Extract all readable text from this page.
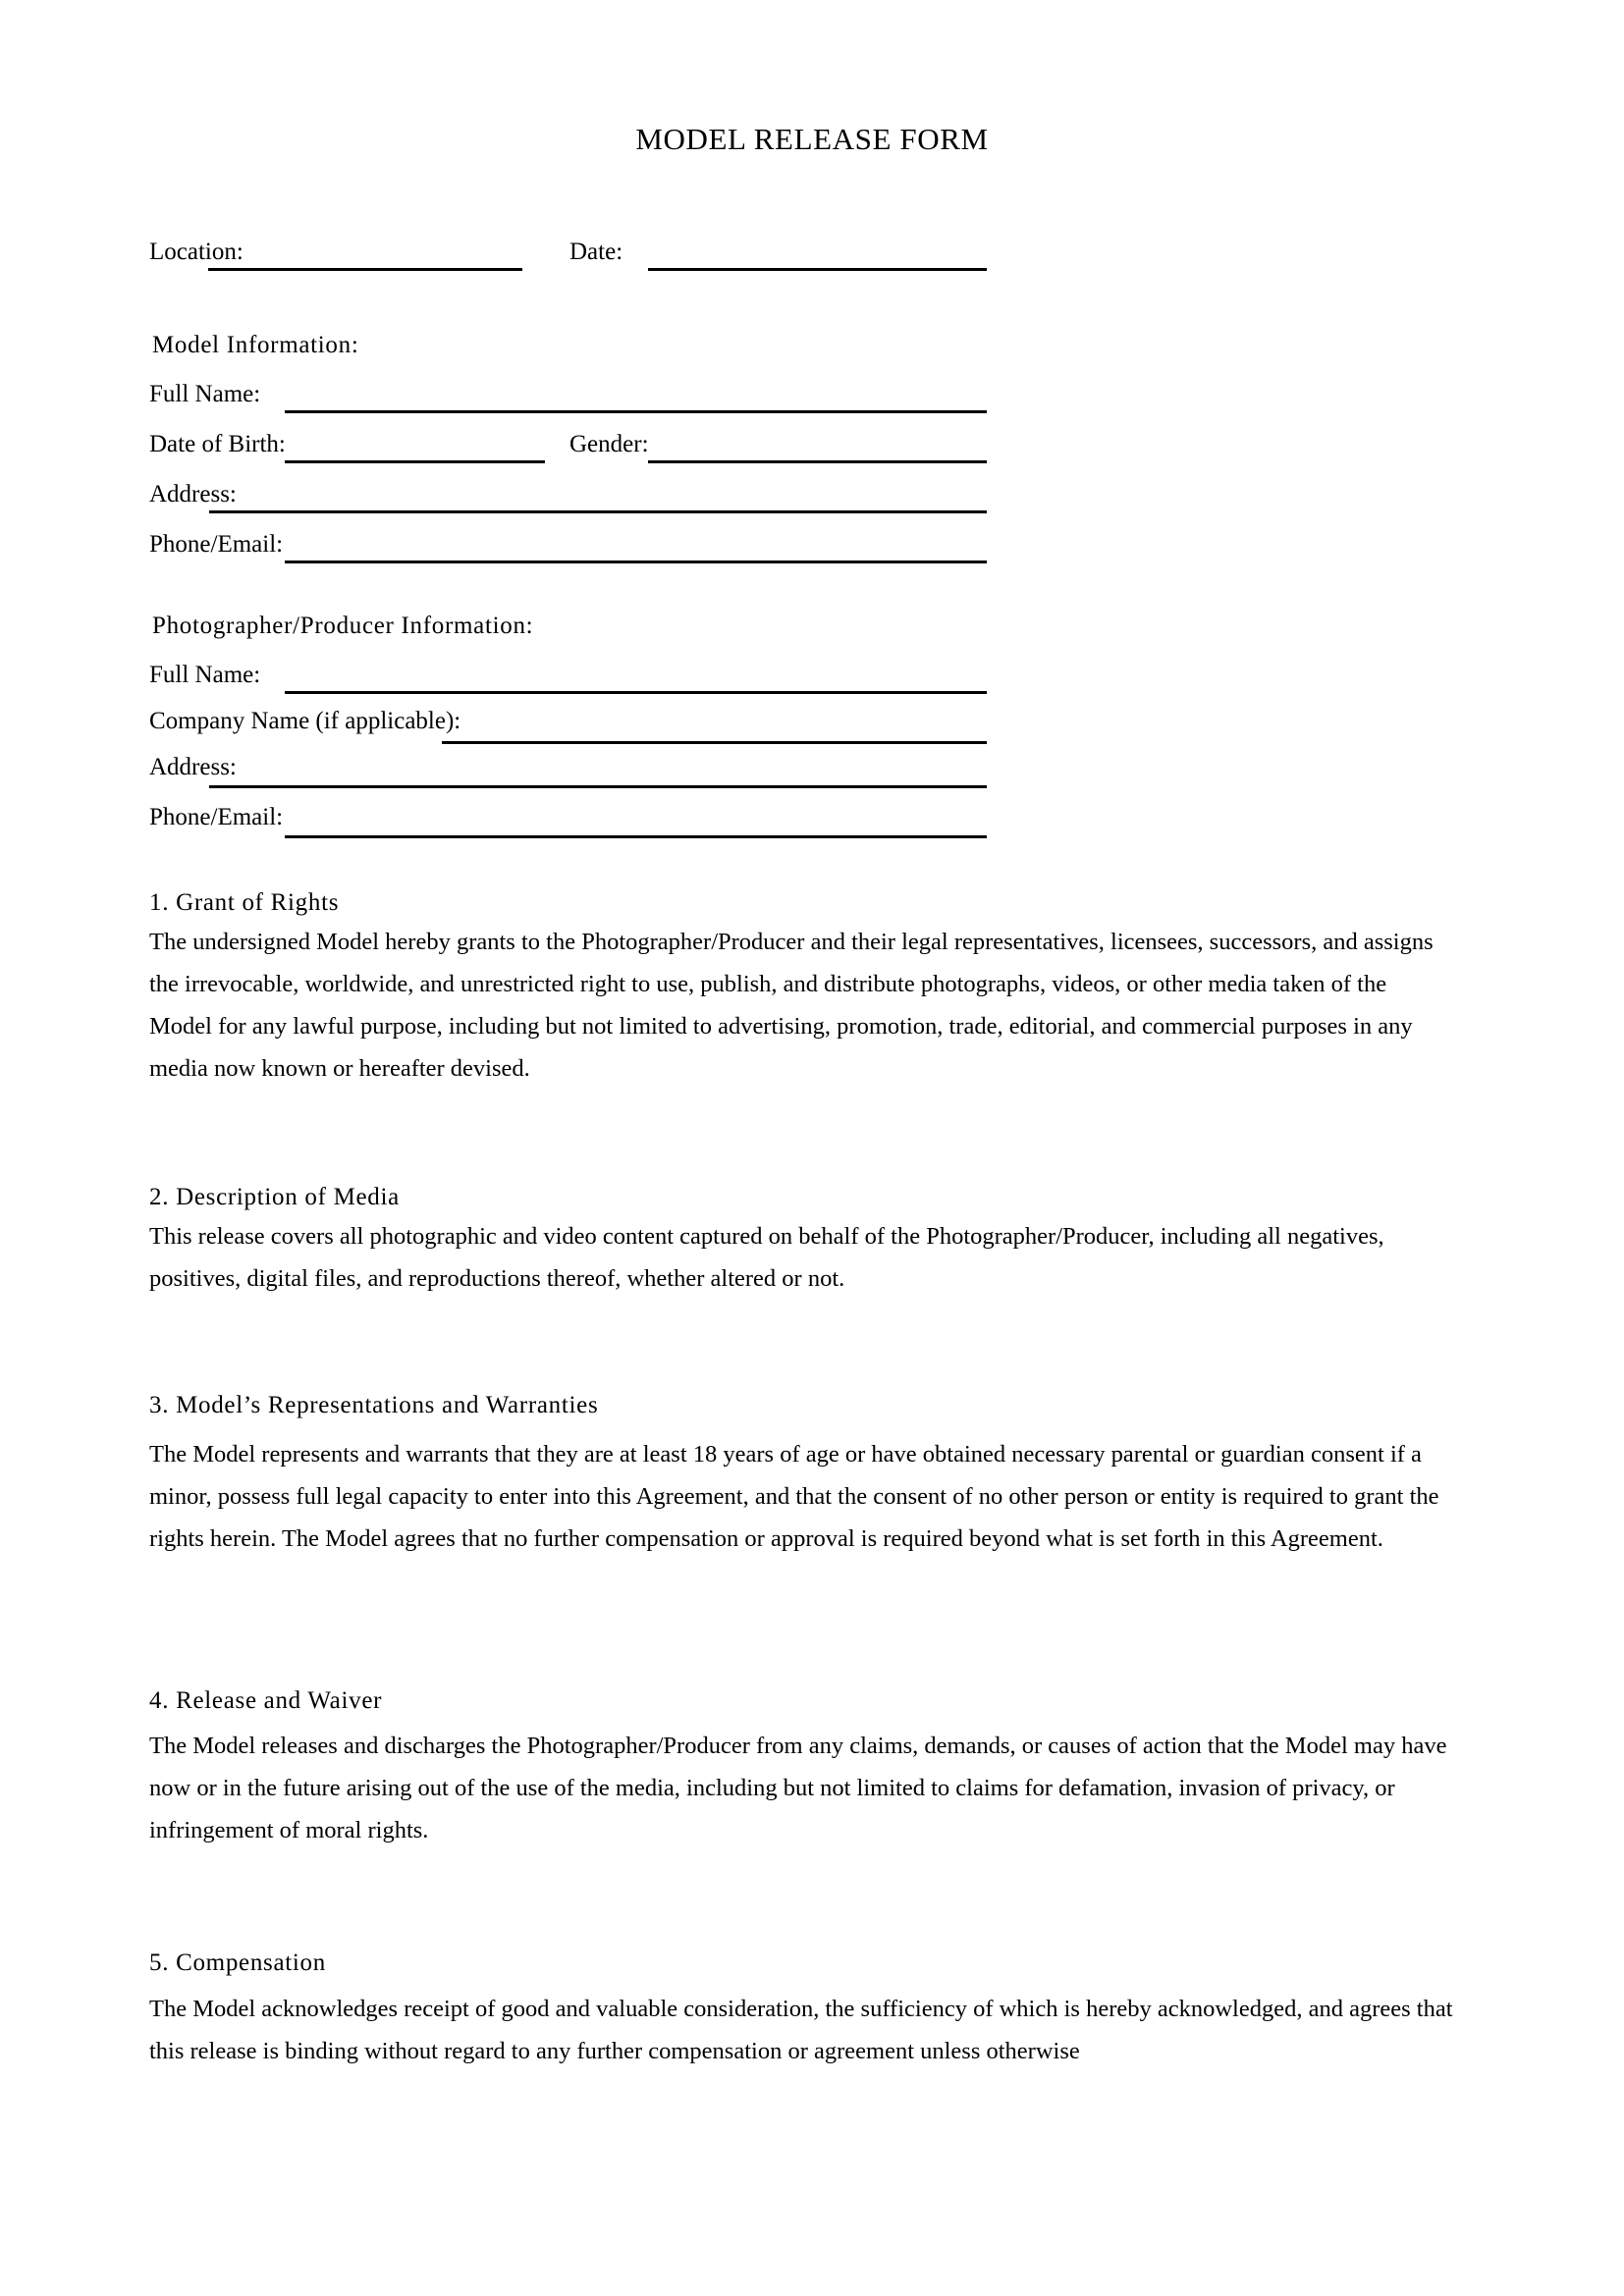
MODEL RELEASE FORM
Location:	Date:
Model Information:
Full Name:
Date of Birth:	Gender:
Address:
Phone/Email:
Photographer/Producer Information:
Full Name:
Company Name (if applicable):
Address:
Phone/Email:
1. Grant of Rights
The undersigned Model hereby grants to the Photographer/Producer and their legal representatives, licensees, successors, and assigns the irrevocable, worldwide, and unrestricted right to use, publish, and distribute photographs, videos, or other media taken of the Model for any lawful purpose, including but not limited to advertising, promotion, trade, editorial, and commercial purposes in any media now known or hereafter devised.
2. Description of Media
This release covers all photographic and video content captured on behalf of the Photographer/Producer, including all negatives, positives, digital files, and reproductions thereof, whether altered or not.
3. Model’s Representations and Warranties
The Model represents and warrants that they are at least 18 years of age or have obtained necessary parental or guardian consent if a minor, possess full legal capacity to enter into this Agreement, and that the consent of no other person or entity is required to grant the rights herein. The Model agrees that no further compensation or approval is required beyond what is set forth in this Agreement.
4. Release and Waiver
The Model releases and discharges the Photographer/Producer from any claims, demands, or causes of action that the Model may have now or in the future arising out of the use of the media, including but not limited to claims for defamation, invasion of privacy, or infringement of moral rights.
5. Compensation
The Model acknowledges receipt of good and valuable consideration, the sufficiency of which is hereby acknowledged, and agrees that this release is binding without regard to any further compensation or agreement unless otherwise
